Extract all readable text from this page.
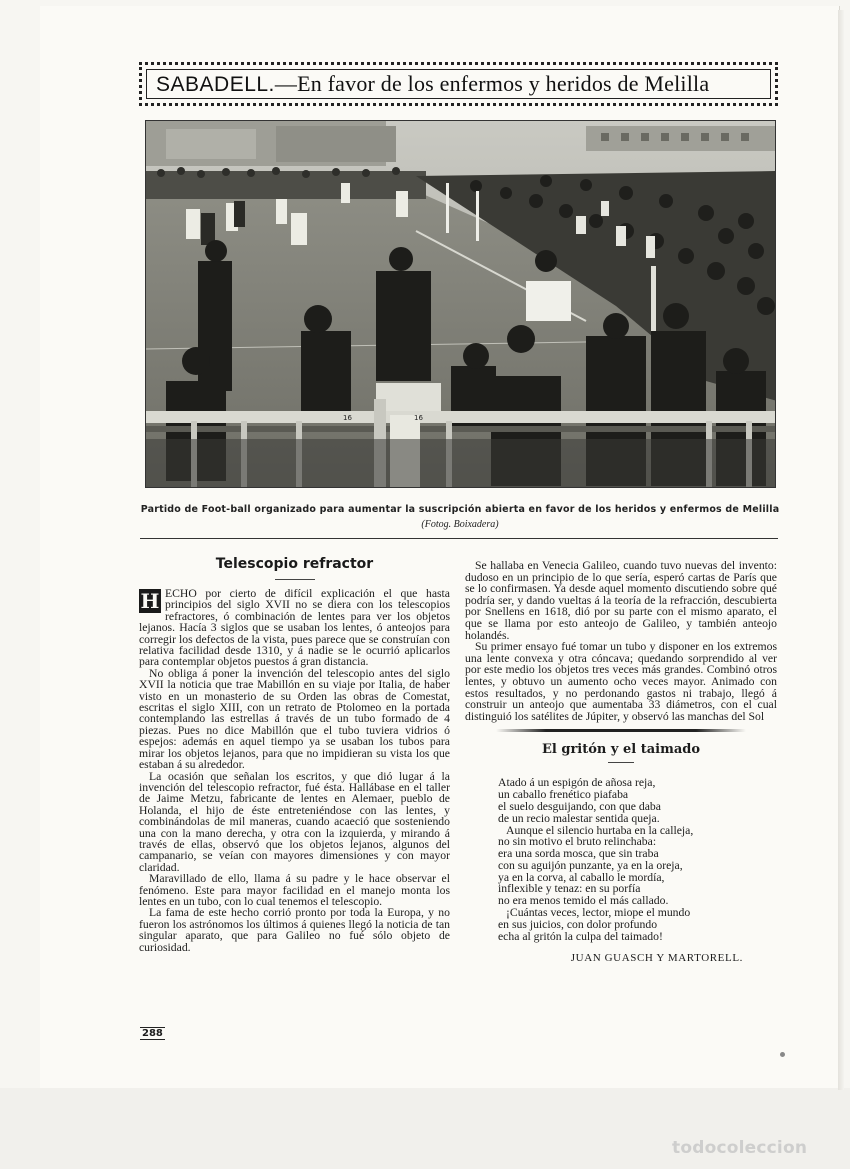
SABADELL.—En favor de los enfermos y heridos de Melilla
16	16
Partido de Foot-ball organizado para aumentar la suscripción abierta en favor de los heridos y enfermos de Melilla
(Fotog. Boixadera)
Telescopio refractor

H ECHO por cierto de difícil explicación el que hasta principios del siglo XVII no se diera con los telescopios refractores, ó combinación de lentes para ver los objetos lejanos. Hacía 3 siglos que se usaban los lentes, ó anteojos para corregir los defectos de la vista, pues parece que se construían con relativa facilidad desde 1310, y á nadie se le ocurrió aplicarlos para contemplar objetos puestos á gran distancia.

No obliga á poner la invención del telescopio antes del siglo XVII la noticia que trae Mabillón en su viaje por Italia, de haber visto en un monasterio de su Orden las obras de Comestat, escritas el siglo XIII, con un retrato de Ptolomeo en la portada contemplando las estrellas á través de un tubo formado de 4 piezas. Pues no dice Mabillón que el tubo tuviera vidrios ó espejos: además en aquel tiempo ya se usaban los tubos para mirar los objetos lejanos, para que no impidieran su vista los que estaban á su alrededor.

La ocasión que señalan los escritos, y que dió lugar á la invención del telescopio refractor, fué ésta. Hallábase en el taller de Jaime Metzu, fabricante de lentes en Alemaer, pueblo de Holanda, el hijo de éste entreteniéndose con las lentes, y combinándolas de mil maneras, cuando acaeció que sosteniendo una con la mano derecha, y otra con la izquierda, y mirando á través de ellas, observó que los objetos lejanos, algunos del campanario, se veían con mayores dimensiones y con mayor claridad.

Maravillado de ello, llama á su padre y le hace observar el fenómeno. Este para mayor facilidad en el manejo monta los lentes en un tubo, con lo cual tenemos el telescopio.

La fama de este hecho corrió pronto por toda la Europa, y no fueron los astrónomos los últimos á quienes llegó la noticia de tan singular aparato, que para Galileo no fué sólo objeto de curiosidad.

Se hallaba en Venecia Galileo, cuando tuvo nuevas del invento: dudoso en un principio de lo que sería, esperó cartas de París que se lo confirmasen. Ya desde aquel momento discutiendo sobre qué podría ser, y dando vueltas á la teoría de la refracción, descubierta por Snellens en 1618, dió por su parte con el mismo aparato, el que se llama por esto anteojo de Galileo, y también anteojo holandés.

Su primer ensayo fué tomar un tubo y disponer en los extremos una lente convexa y otra cóncava; quedando sorprendido al ver por este medio los objetos tres veces más grandes. Combinó otros lentes, y obtuvo un aumento ocho veces mayor. Animado con estos resultados, y no perdonando gastos ni trabajo, llegó á construir un anteojo que aumentaba 33 diámetros, con el cual distinguió los satélites de Júpiter, y observó las manchas del Sol

El gritón y el taimado
Atado á un espigón de añosa reja,
un caballo frenético piafaba
el suelo desguijando, con que daba
de un recio malestar sentida queja.
Aunque el silencio hurtaba en la calleja,
no sin motivo el bruto relinchaba:
era una sorda mosca, que sin traba
con su aguijón punzante, ya en la oreja,
ya en la corva, al caballo le mordía,
inflexible y tenaz: en su porfía
no era menos temido el más callado.
¡Cuántas veces, lector, miope el mundo
en sus juicios, con dolor profundo
echa al gritón la culpa del taimado!
JUAN GUASCH Y MARTORELL.
288
todocoleccion
